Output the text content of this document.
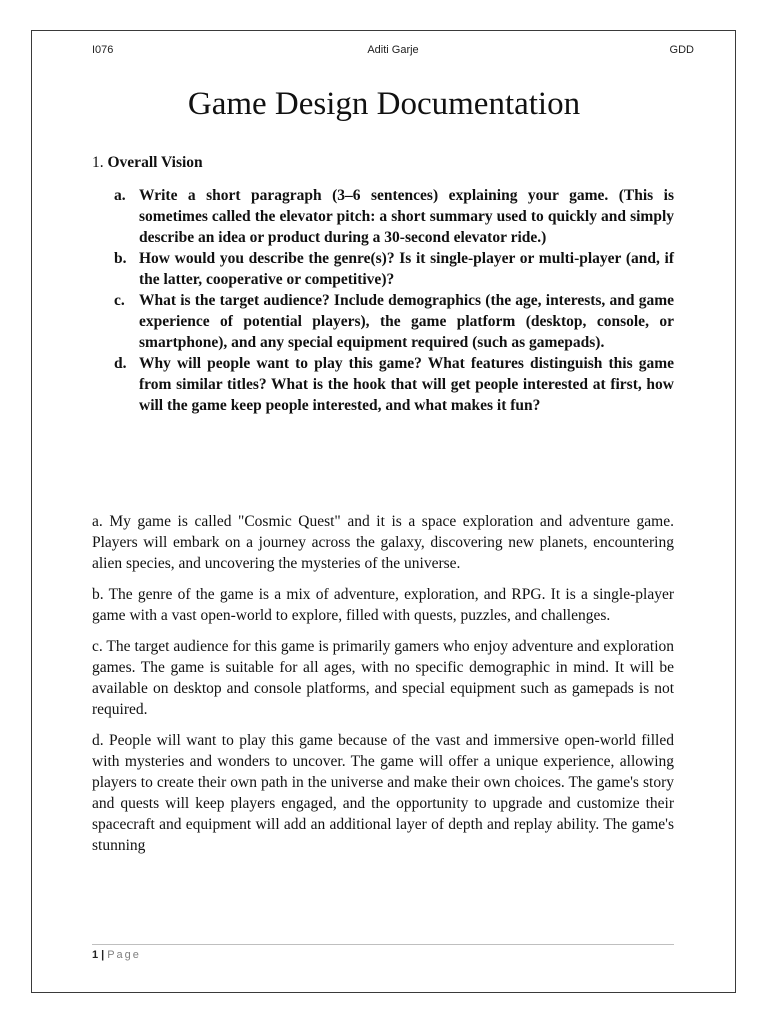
I076	Aditi Garje	GDD
Game Design Documentation

1. Overall Vision

a. Write a short paragraph (3–6 sentences) explaining your game. (This is sometimes called the elevator pitch: a short summary used to quickly and simply describe an idea or product during a 30-second elevator ride.)
b. How would you describe the genre(s)? Is it single-player or multi-player (and, if the latter, cooperative or competitive)?
c. What is the target audience? Include demographics (the age, interests, and game experience of potential players), the game platform (desktop, console, or smartphone), and any special equipment required (such as gamepads).
d. Why will people want to play this game? What features distinguish this game from similar titles? What is the hook that will get people interested at first, how will the game keep people interested, and what makes it fun?

a. My game is called "Cosmic Quest" and it is a space exploration and adventure game. Players will embark on a journey across the galaxy, discovering new planets, encountering alien species, and uncovering the mysteries of the universe.

b. The genre of the game is a mix of adventure, exploration, and RPG. It is a single-player game with a vast open-world to explore, filled with quests, puzzles, and challenges.

c. The target audience for this game is primarily gamers who enjoy adventure and exploration games. The game is suitable for all ages, with no specific demographic in mind. It will be available on desktop and console platforms, and special equipment such as gamepads is not required.

d. People will want to play this game because of the vast and immersive open-world filled with mysteries and wonders to uncover. The game will offer a unique experience, allowing players to create their own path in the universe and make their own choices. The game's story and quests will keep players engaged, and the opportunity to upgrade and customize their spacecraft and equipment will add an additional layer of depth and replay ability. The game's stunning

1 | Page
